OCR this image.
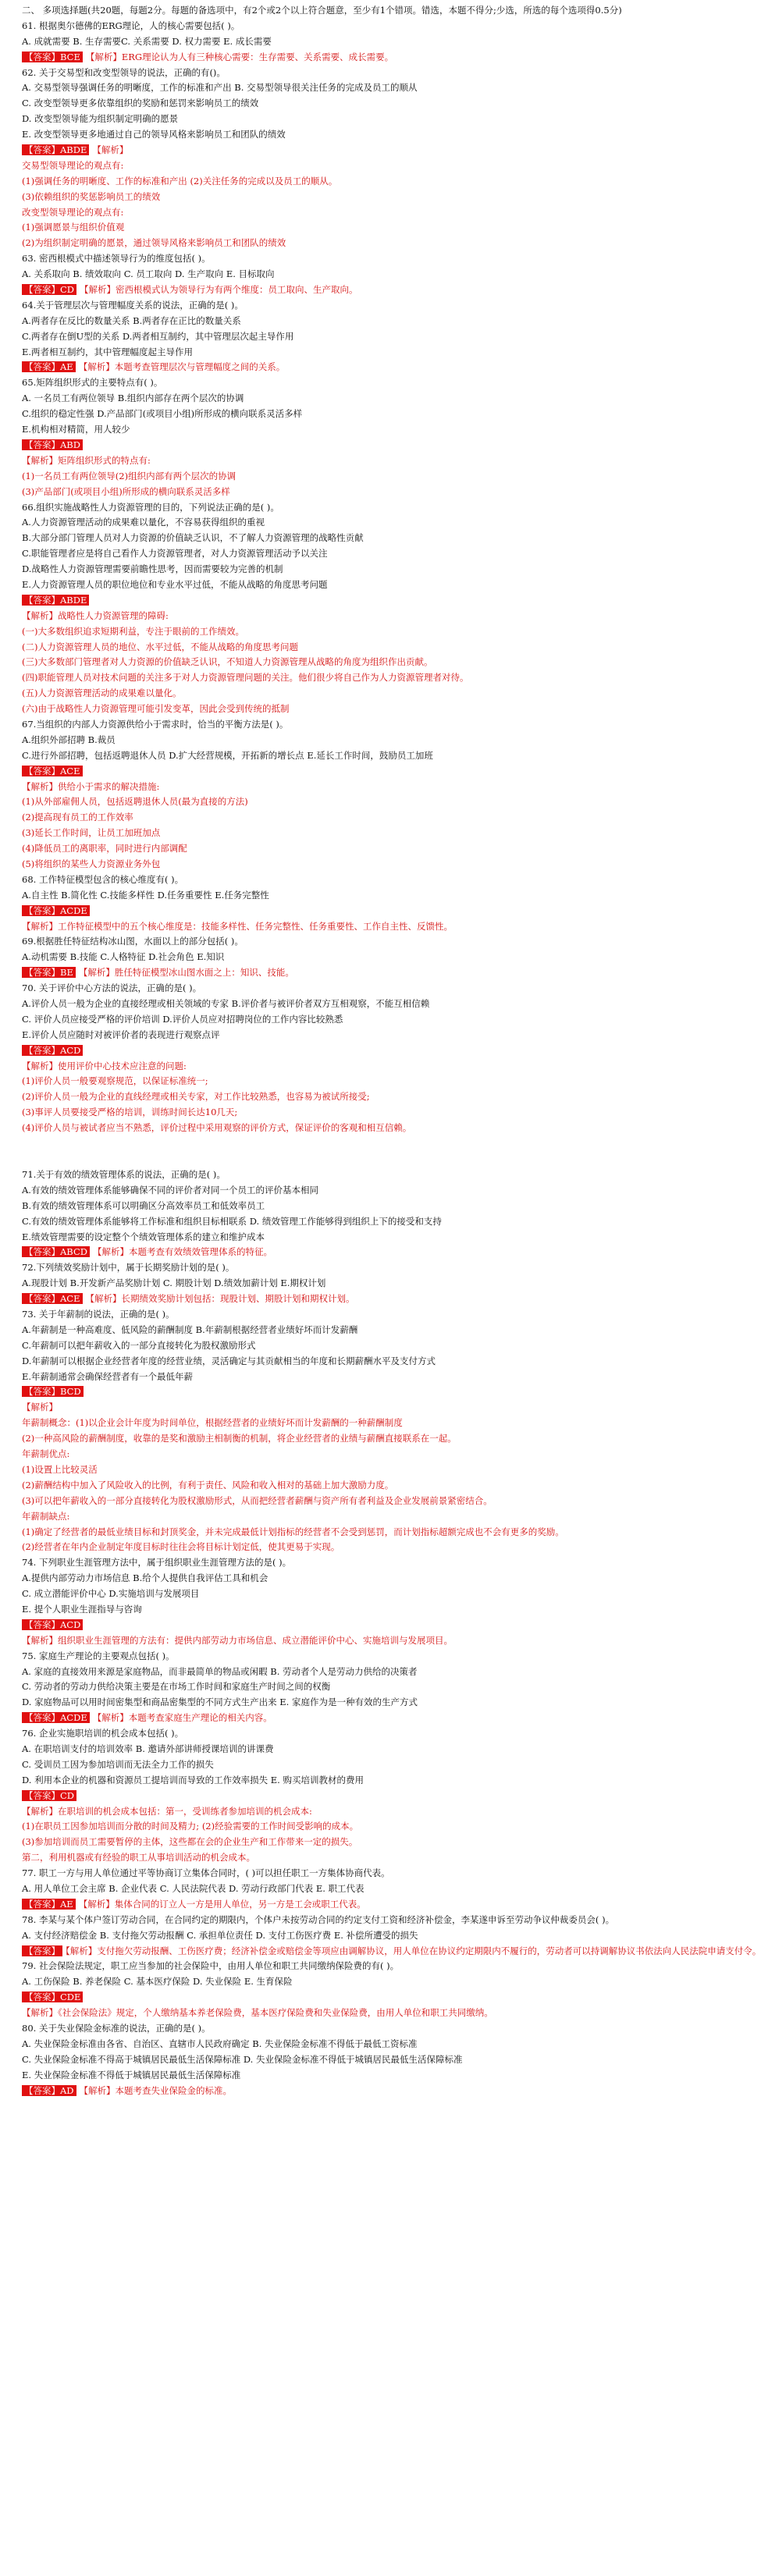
二、 多项选择题(共20题，每题2分。每题的备选项中，有2个或2个以上符合题意，至少有1个错项。错选，本题不得分;少选，所选的每个选项得0.5分)
61. 根据奥尔德佛的ERG理论，人的核心需要包括( )。
A. 成就需要 B. 生存需要C. 关系需要 D. 权力需要 E. 成长需要
【答案】BCE 【解析】ERG理论认为人有三种核心需要：生存需要、关系需要、成长需要。
62. 关于交易型和改变型领导的说法，正确的有()。
A. 交易型领导强调任务的明晰度，工作的标准和产出 B. 交易型领导很关注任务的完成及员工的顺从
C. 改变型领导更多依靠组织的奖励和惩罚来影响员工的绩效
D. 改变型领导能为组织制定明确的愿景
E. 改变型领导更多地通过自己的领导风格来影响员工和团队的绩效
【答案】ABDE 【解析】
交易型领导理论的观点有:
(1)强调任务的明晰度、工作的标准和产出 (2)关注任务的完成以及员工的顺从。
(3)依赖组织的奖惩影响员工的绩效
改变型领导理论的观点有:
(1)强调愿景与组织价值观
(2)为组织制定明确的愿景，通过领导风格来影响员工和团队的绩效
63. 密西根模式中描述领导行为的维度包括( )。
A. 关系取向 B. 绩效取向 C. 员工取向 D. 生产取向 E. 目标取向
【答案】CD 【解析】密西根模式认为领导行为有两个维度：员工取向、生产取向。
64.关于管理层次与管理幅度关系的说法，正确的是( )。
A.两者存在反比的数量关系 B.两者存在正比的数量关系
C.两者存在倒U型的关系 D.两者相互制约，其中管理层次起主导作用
E.两者相互制约，其中管理幅度起主导作用
【答案】AE 【解析】本题考查管理层次与管理幅度之间的关系。
65.矩阵组织形式的主要特点有( )。
A. 一名员工有两位领导 B.组织内部存在两个层次的协调
C.组织的稳定性强 D.产品部门(或项目小组)所形成的横向联系灵活多样
E.机构相对精简，用人较少
【答案】ABD
【解析】矩阵组织形式的特点有:
(1)一名员工有两位领导(2)组织内部有两个层次的协调
(3)产品部门(或项目小组)所形成的横向联系灵活多样
66.组织实施战略性人力资源管理的目的，下列说法正确的是( )。
A.人力资源管理活动的成果难以量化，不容易获得组织的重视
B.大部分部门管理人员对人力资源的价值缺乏认识，不了解人力资源管理的战略性贡献
C.职能管理者应是将自己看作人力资源管理者，对人力资源管理活动予以关注
D.战略性人力资源管理需要前瞻性思考，因而需要较为完善的机制
E.人力资源管理人员的职位地位和专业水平过低，不能从战略的角度思考问题
【答案】ABDE
【解析】战略性人力资源管理的障碍:
(一)大多数组织追求短期利益，专注于眼前的工作绩效。
(二)人力资源管理人员的地位、水平过低，不能从战略的角度思考问题
(三)大多数部门管理者对人力资源的价值缺乏认识，不知道人力资源管理从战略的角度为组织作出贡献。
(四)职能管理人员对技术问题的关注多于对人力资源管理问题的关注。他们很少将自己作为人力资源管理者对待。
(五)人力资源管理活动的成果难以量化。
(六)由于战略性人力资源管理可能引发变革，因此会受到传统的抵制
67.当组织的内部人力资源供给小于需求时，恰当的平衡方法是( )。
A.组织外部招聘 B.裁员
C.进行外部招聘，包括返聘退休人员 D.扩大经营规模，开拓新的增长点 E.延长工作时间，鼓励员工加班
【答案】ACE
【解析】供给小于需求的解决措施:
(1)从外部雇佣人员，包括返聘退休人员(最为直接的方法)
(2)提高现有员工的工作效率
(3)延长工作时间，让员工加班加点
(4)降低员工的离职率，同时进行内部调配
(5)将组织的某些人力资源业务外包
68. 工作特征模型包含的核心维度有( )。
A.自主性 B.简化性 C.技能多样性 D.任务重要性 E.任务完整性
【答案】ACDE
【解析】工作特征模型中的五个核心维度是：技能多样性、任务完整性、任务重要性、工作自主性、反馈性。
69.根据胜任特征结构冰山图，水面以上的部分包括( )。
A.动机需要 B.技能 C.人格特征 D.社会角色 E.知识
【答案】BE 【解析】胜任特征模型冰山图水面之上：知识、技能。
70. 关于评价中心方法的说法，正确的是( )。
A.评价人员一般为企业的直接经理或相关领域的专家 B.评价者与被评价者双方互相观察，不能互相信赖
C. 评价人员应接受严格的评价培训 D.评价人员应对招聘岗位的工作内容比较熟悉
E.评价人员应随时对被评价者的表现进行观察点评
【答案】ACD
【解析】使用评价中心技术应注意的问题:
(1)评价人员一般要观察规范，以保证标准统一;
(2)评价人员一般为企业的直线经理或相关专家，对工作比较熟悉，也容易为被试所接受;
(3)事评人员要接受严格的培训，训练时间长达10几天;
(4)评价人员与被试者应当不熟悉，评价过程中采用观察的评价方式，保证评价的客观和相互信赖。
71.关于有效的绩效管理体系的说法，正确的是( )。
A.有效的绩效管理体系能够确保不同的评价者对同一个员工的评价基本相同
B.有效的绩效管理体系可以明确区分高效率员工和低效率员工
C.有效的绩效管理体系能够将工作标准和组织目标相联系 D. 绩效管理工作能够得到组织上下的接受和支持
E.绩效管理需要的设定整个个绩效管理体系的建立和维护成本
【答案】ABCD 【解析】本题考查有效绩效管理体系的特征。
72.下列绩效奖励计划中，属于长期奖励计划的是( )。
A.现股计划 B.开发新产品奖励计划 C. 期股计划 D.绩效加薪计划 E.期权计划
【答案】ACE 【解析】长期绩效奖励计划包括：现股计划、期股计划和期权计划。
73. 关于年薪制的说法，正确的是( )。
A.年薪制是一种高难度、低风险的薪酬制度 B.年薪制根据经营者业绩好坏而计发薪酬
C.年薪制可以把年薪收入的一部分直接转化为股权激励形式
D.年薪制可以根据企业经营者年度的经营业绩，灵活确定与其贡献相当的年度和长期薪酬水平及支付方式
E.年薪制通常会确保经营者有一个最低年薪
【答案】BCD
【解析】
年薪制概念：(1)以企业会计年度为时间单位，根据经营者的业绩好坏而计发薪酬的一种薪酬制度
(2)一种高风险的薪酬制度，收靠的是奖和激励主相制衡的机制，将企业经营者的业绩与薪酬直接联系在一起。
年薪制优点:
(1)设置上比较灵活
(2)薪酬结构中加入了风险收入的比例，有利于责任、风险和收入相对的基础上加大激励力度。
(3)可以把年薪收入的一部分直接转化为股权激励形式，从而把经营者薪酬与资产所有者利益及企业发展前景紧密结合。
年薪制缺点:
(1)确定了经营者的最低业绩目标和封顶奖金，并未完成最低计划指标的经营者不会受到惩罚，而计划指标超额完成也不会有更多的奖励。
(2)经营者在年内企业制定年度目标时往往会将目标计划定低，使其更易于实现。
74. 下列职业生涯管理方法中，属于组织职业生涯管理方法的是( )。
A.提供内部劳动力市场信息 B.给个人提供自我评估工具和机会
C. 成立潜能评价中心 D.实施培训与发展项目
E. 提个人职业生涯指导与咨询
【答案】ACD
【解析】组织职业生涯管理的方法有：提供内部劳动力市场信息、成立潜能评价中心、实施培训与发展项目。
75. 家庭生产理论的主要观点包括( )。
A. 家庭的直接效用来源是家庭物品，而非最简单的物品或闲暇 B. 劳动者个人是劳动力供给的决策者
C. 劳动者的劳动力供给决策主要是在市场工作时间和家庭生产时间之间的权衡
D. 家庭物品可以用时间密集型和商品密集型的不同方式生产出来 E. 家庭作为是一种有效的生产方式
【答案】ACDE 【解析】本题考查家庭生产理论的相关内容。
76. 企业实施职培训的机会成本包括( )。
A. 在职培训支付的培训效率 B. 邀请外部讲师授课培训的讲课费
C. 受训员工因为参加培训而无法全力工作的损失
D. 利用本企业的机器和资源员工提培训而导致的工作效率损失 E. 购买培训教材的费用
【答案】CD
【解析】在职培训的机会成本包括：第一，受训练者参加培训的机会成本:
(1)在职员工因参加培训而分散的时间及精力; (2)经验需要的工作时间受影响的成本。
(3)参加培训而员工需要暂停的主体，这些都在会的企业生产和工作带来一定的损失。
第二，利用机器或有经验的职工从事培训活动的机会成本。
77. 职工一方与用人单位通过平等协商订立集体合同时，( )可以担任职工一方集体协商代表。
A. 用人单位工会主席 B. 企业代表 C. 人民法院代表 D. 劳动行政部门代表 E. 职工代表
【答案】AE 【解析】集体合同的订立人一方是用人单位，另一方是工会或职工代表。
78. 李某与某个体户签订劳动合同，在合同约定的期限内，个体户未按劳动合同的约定支付工资和经济补偿金，李某遂申诉至劳动争议仲裁委员会( )。
A. 支付经济赔偿金 B. 支付拖欠劳动报酬 C. 承担单位责任 D. 支付工伤医疗费 E. 补偿所遭受的损失
【答案】 【解析】支付拖欠劳动报酬、工伤医疗费；经济补偿金或赔偿金等项应由调解协议，用人单位在协议约定期限内不履行的，劳动者可以持调解协议书依法向人民法院申请支付令。
79. 社会保险法规定，职工应当参加的社会保险中，由用人单位和职工共同缴纳保险费的有( )。
A. 工伤保险 B. 养老保险 C. 基本医疗保险 D. 失业保险 E. 生育保险
【答案】CDE
【解析】《社会保险法》规定，个人缴纳基本养老保险费，基本医疗保险费和失业保险费，由用人单位和职工共同缴纳。
80. 关于失业保险金标准的说法，正确的是( )。
A. 失业保险金标准由各省、自治区、直辖市人民政府确定 B. 失业保险金标准不得低于最低工资标准
C. 失业保险金标准不得高于城镇居民最低生活保障标准 D. 失业保险金标准不得低于城镇居民最低生活保障标准
E. 失业保险金标准不得低于城镇居民最低生活保障标准
【答案】AD 【解析】本题考查失业保险金的标准。
